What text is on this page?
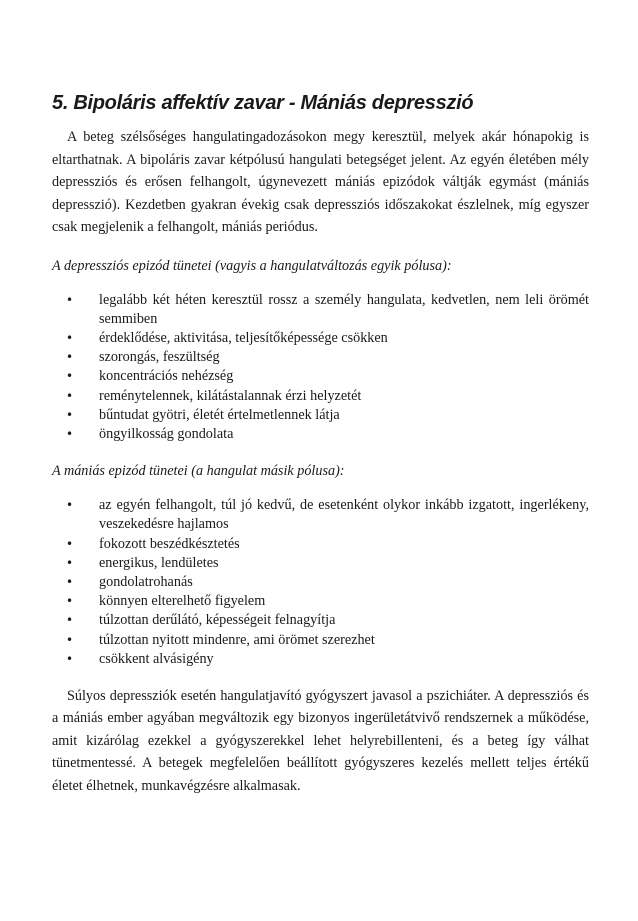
5. Bipoláris affektív zavar - Mániás depresszió

A beteg szélsőséges hangulatingadozásokon megy keresztül, melyek akár hónapokig is eltarthatnak. A bipoláris zavar kétpólusú hangulati betegséget jelent. Az egyén életében mély depressziós és erősen felhangolt, úgynevezett mániás epizódok váltják egymást (mániás depresszió). Kezdetben gyakran évekig csak depressziós időszakokat észlelnek, míg egyszer csak megjelenik a felhangolt, mániás periódus.

A depressziós epizód tünetei (vagyis a hangulatváltozás egyik pólusa):
• legalább két héten keresztül rossz a személy hangulata, kedvetlen, nem leli örömét semmiben
• érdeklődése, aktivitása, teljesítőképessége csökken
• szorongás, feszültség
• koncentrációs nehézség
• reménytelennek, kilátástalannak érzi helyzetét
• bűntudat gyötri, életét értelmetlennek látja
• öngyilkosság gondolata
A mániás epizód tünetei (a hangulat másik pólusa):
• az egyén felhangolt, túl jó kedvű, de esetenként olykor inkább izgatott, ingerlékeny, veszekedésre hajlamos
• fokozott beszédkésztetés
• energikus, lendületes
• gondolatrohanás
• könnyen elterelhető figyelem
• túlzottan derűlátó, képességeit felnagyítja
• túlzottan nyitott mindenre, ami örömet szerezhet
• csökkent alvásigény

Súlyos depressziók esetén hangulatjavító gyógyszert javasol a pszichiáter. A depressziós és a mániás ember agyában megváltozik egy bizonyos ingerületátvivő rendszernek a működése, amit kizárólag ezekkel a gyógyszerekkel lehet helyrebillenteni, és a beteg így válhat tünetmentessé. A betegek megfelelően beállított gyógyszeres kezelés mellett teljes értékű életet élhetnek, munkavégzésre alkalmasak.
